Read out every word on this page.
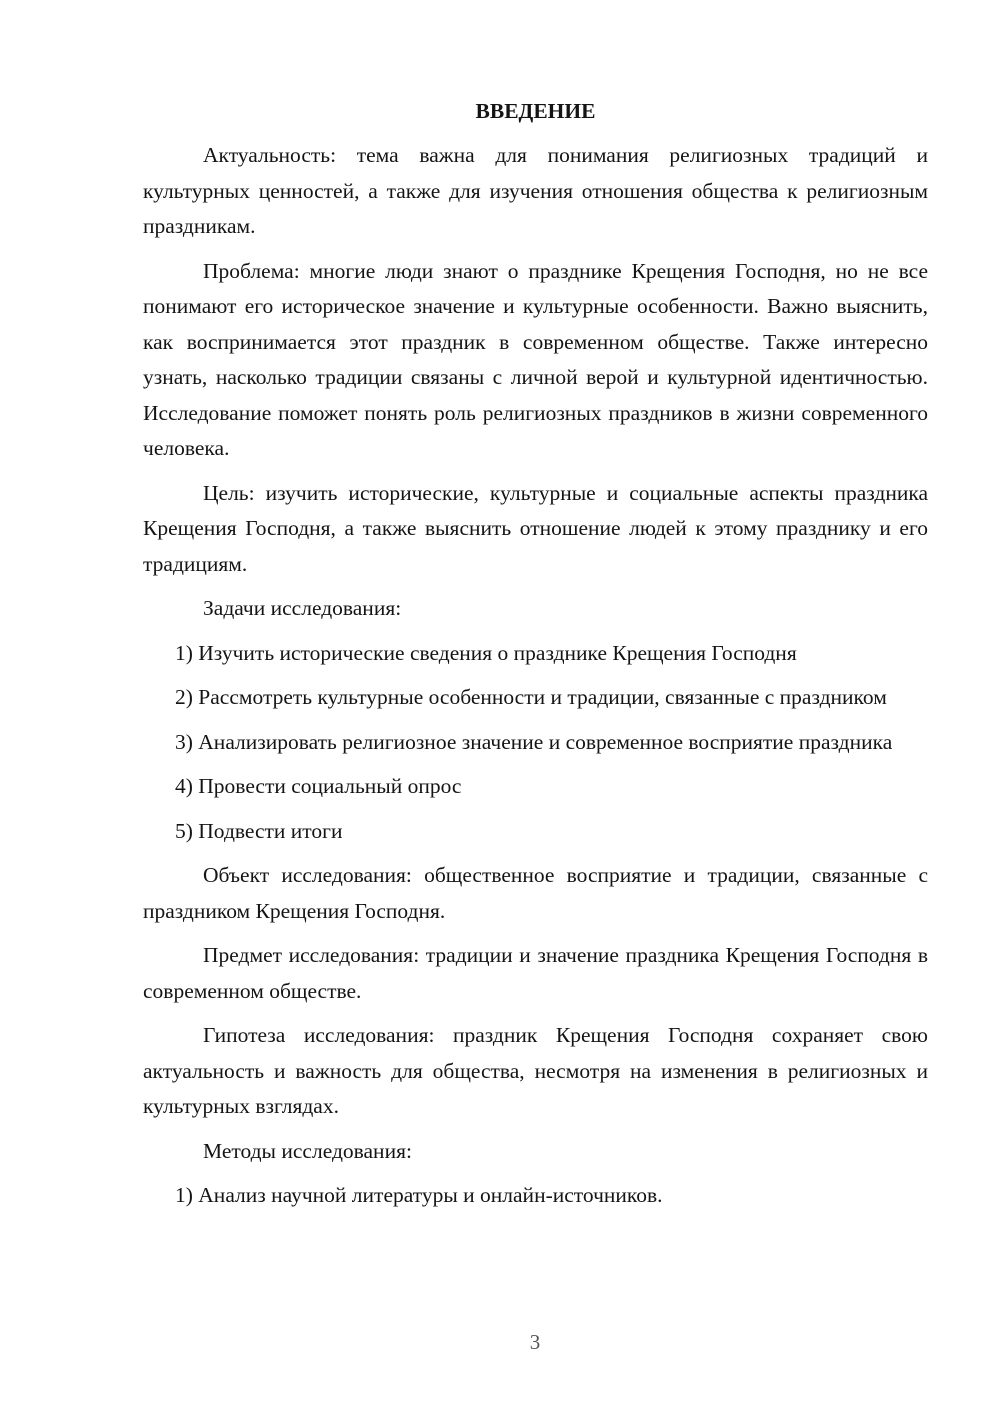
ВВЕДЕНИЕ

Актуальность: тема важна для понимания религиозных традиций и культурных ценностей, а также для изучения отношения общества к религиозным праздникам.

Проблема: многие люди знают о празднике Крещения Господня, но не все понимают его историческое значение и культурные особенности. Важно выяснить, как воспринимается этот праздник в современном обществе. Также интересно узнать, насколько традиции связаны с личной верой и культурной идентичностью. Исследование поможет понять роль религиозных праздников в жизни современного человека.

Цель: изучить исторические, культурные и социальные аспекты праздника Крещения Господня, а также выяснить отношение людей к этому празднику и его традициям.

Задачи исследования:

1) Изучить исторические сведения о празднике Крещения Господня

2) Рассмотреть культурные особенности и традиции, связанные с праздником

3) Анализировать религиозное значение и современное восприятие праздника

4) Провести социальный опрос

5) Подвести итоги

Объект исследования: общественное восприятие и традиции, связанные с праздником Крещения Господня.

Предмет исследования: традиции и значение праздника Крещения Господня в современном обществе.

Гипотеза исследования: праздник Крещения Господня сохраняет свою актуальность и важность для общества, несмотря на изменения в религиозных и культурных взглядах.

Методы исследования:

1) Анализ научной литературы и онлайн-источников.

3
